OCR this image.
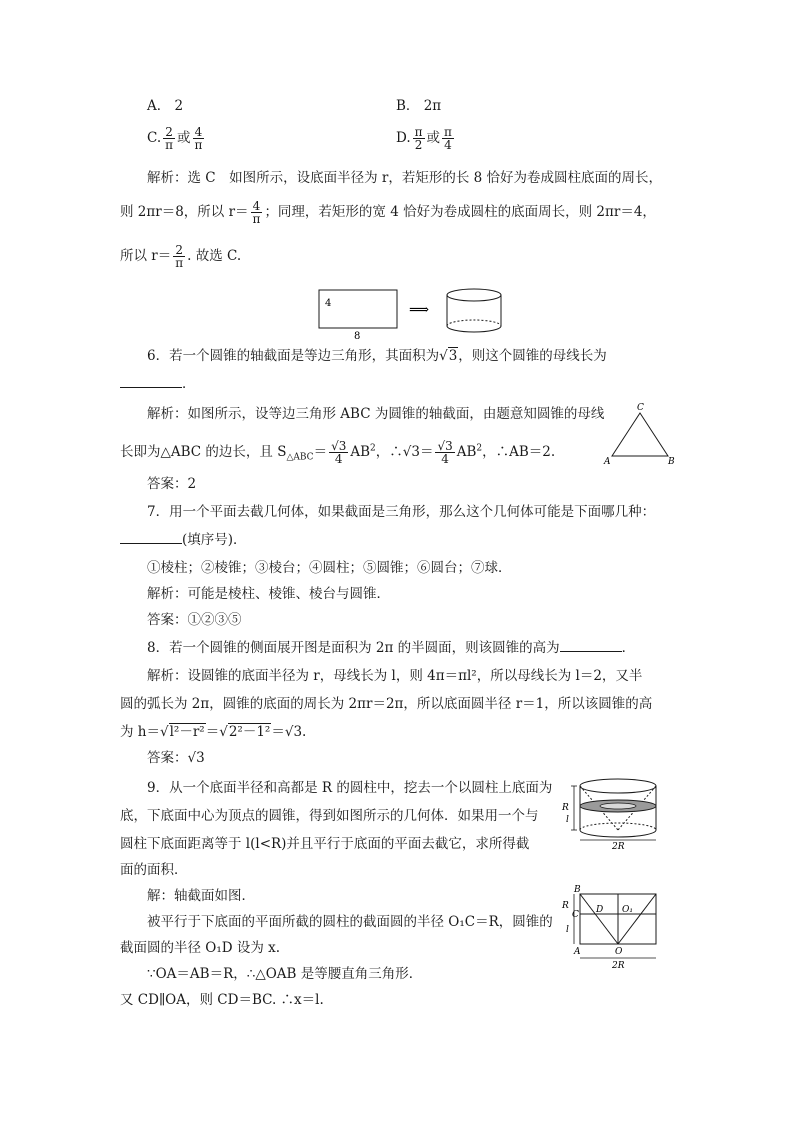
A． 2	B． 2π
C. $\frac{2}{\pi}$ 或 $\frac{4}{\pi}$	D. $\frac{\pi}{2}$ 或 $\frac{\pi}{4}$
解析：选 C　如图所示，设底面半径为 r，若矩形的长 8 恰好为卷成圆柱底面的周长，
则 2πr＝8，所以 $r= \frac{4}{\pi}$ ；同理，若矩形的宽 4 恰好为卷成圆柱的底面周长，则 2πr＝4，
所以 $r= \frac{2}{\pi}$ . 故选 C.
4
8
⟹
6．若一个圆锥的轴截面是等边三角形，其面积为√3，则这个圆锥的母线长为
．
解析：如图所示，设等边三角形 ABC 为圆锥的轴截面，由题意知圆锥的母线
长即为△ABC 的边长，且 $S_{\triangle ABC}= \frac{√3}{4} AB^2$，∴√3＝ $\frac{√3}{4} AB^2$，∴AB＝2.
C
A	B
答案：2
7．用一个平面去截几何体，如果截面是三角形，那么这个几何体可能是下面哪几种：
(填序号)．
①棱柱；②棱锥；③棱台；④圆柱；⑤圆锥；⑥圆台；⑦球．
解析：可能是棱柱、棱锥、棱台与圆锥．
答案：①②③⑤
8．若一个圆锥的侧面展开图是面积为 2π 的半圆面，则该圆锥的高为	．
解析：设圆锥的底面半径为 r，母线长为 l，则 4π＝πl²，所以母线长为 l＝2，又半
圆的弧长为 2π，圆锥的底面的周长为 2πr＝2π，所以底面圆半径 r＝1，所以该圆锥的高
为 h＝√l²－r²＝√2²－1²＝√3.
答案：√3
9．从一个底面半径和高都是 R 的圆柱中，挖去一个以圆柱上底面为
底，下底面中心为顶点的圆锥，得到如图所示的几何体．如果用一个与
圆柱下底面距离等于 l(l<R)并且平行于底面的平面去截它，求所得截
面的面积．
R
l
2R
解：轴截面如图．
被平行于下底面的平面所截的圆柱的截面圆的半径 O₁C＝R，圆锥的
截面圆的半径 O₁D 设为 x.
∵OA＝AB＝R，∴△OAB 是等腰直角三角形．
又 CD∥OA，则 CD＝BC. ∴x＝l.
B
C D O₁
A	O
R
l
2R
